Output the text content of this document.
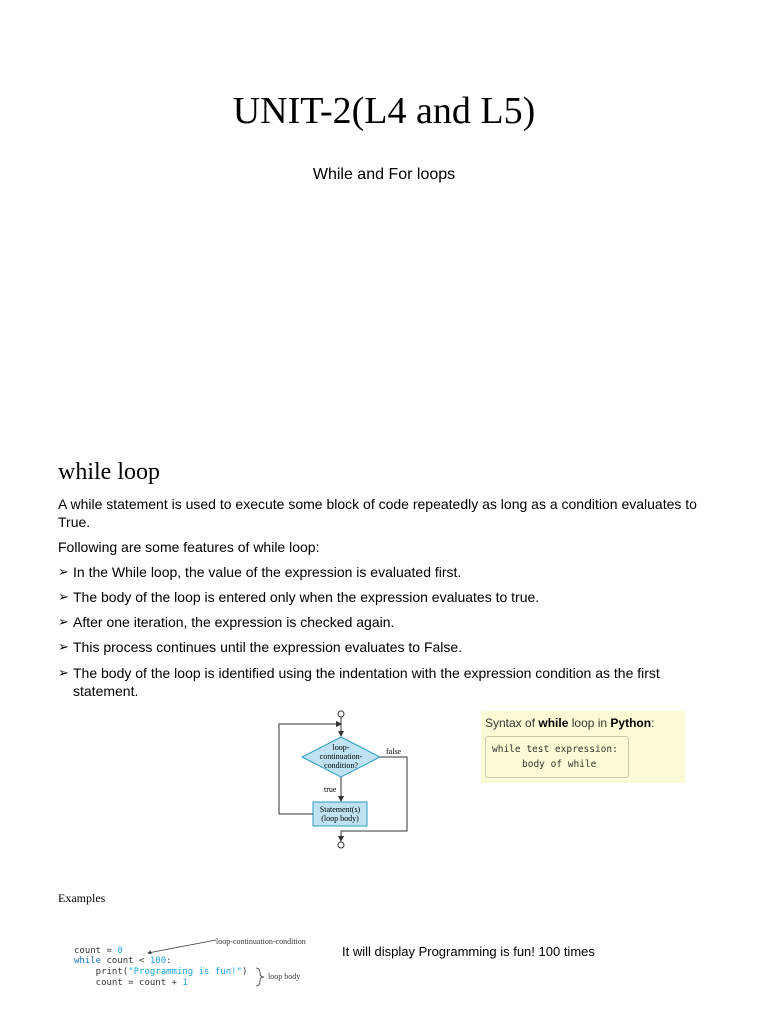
UNIT-2(L4 and L5)
While and For loops
while loop
A while statement is used to execute some block of code repeatedly as long as a condition evaluates to True.
Following are some features of while loop:
➢ In the While loop, the value of the expression is evaluated first.
➢ The body of the loop is entered only when the expression evaluates to true.
➢ After one iteration, the expression is checked again.
➢ This process continues until the expression evaluates to False.
➢ The body of the loop is identified using the indentation with the expression condition as the first statement.
loop-
continuation-
condition?
false
true
Statement(s)
(loop body)
Syntax of while loop in Python:
while test expression:
body of while
Examples
count = 0
while count < 100:
print("Programming is fun!")
count = count + 1
loop-continuation-condition
loop body
It will display Programming is fun! 100 times
